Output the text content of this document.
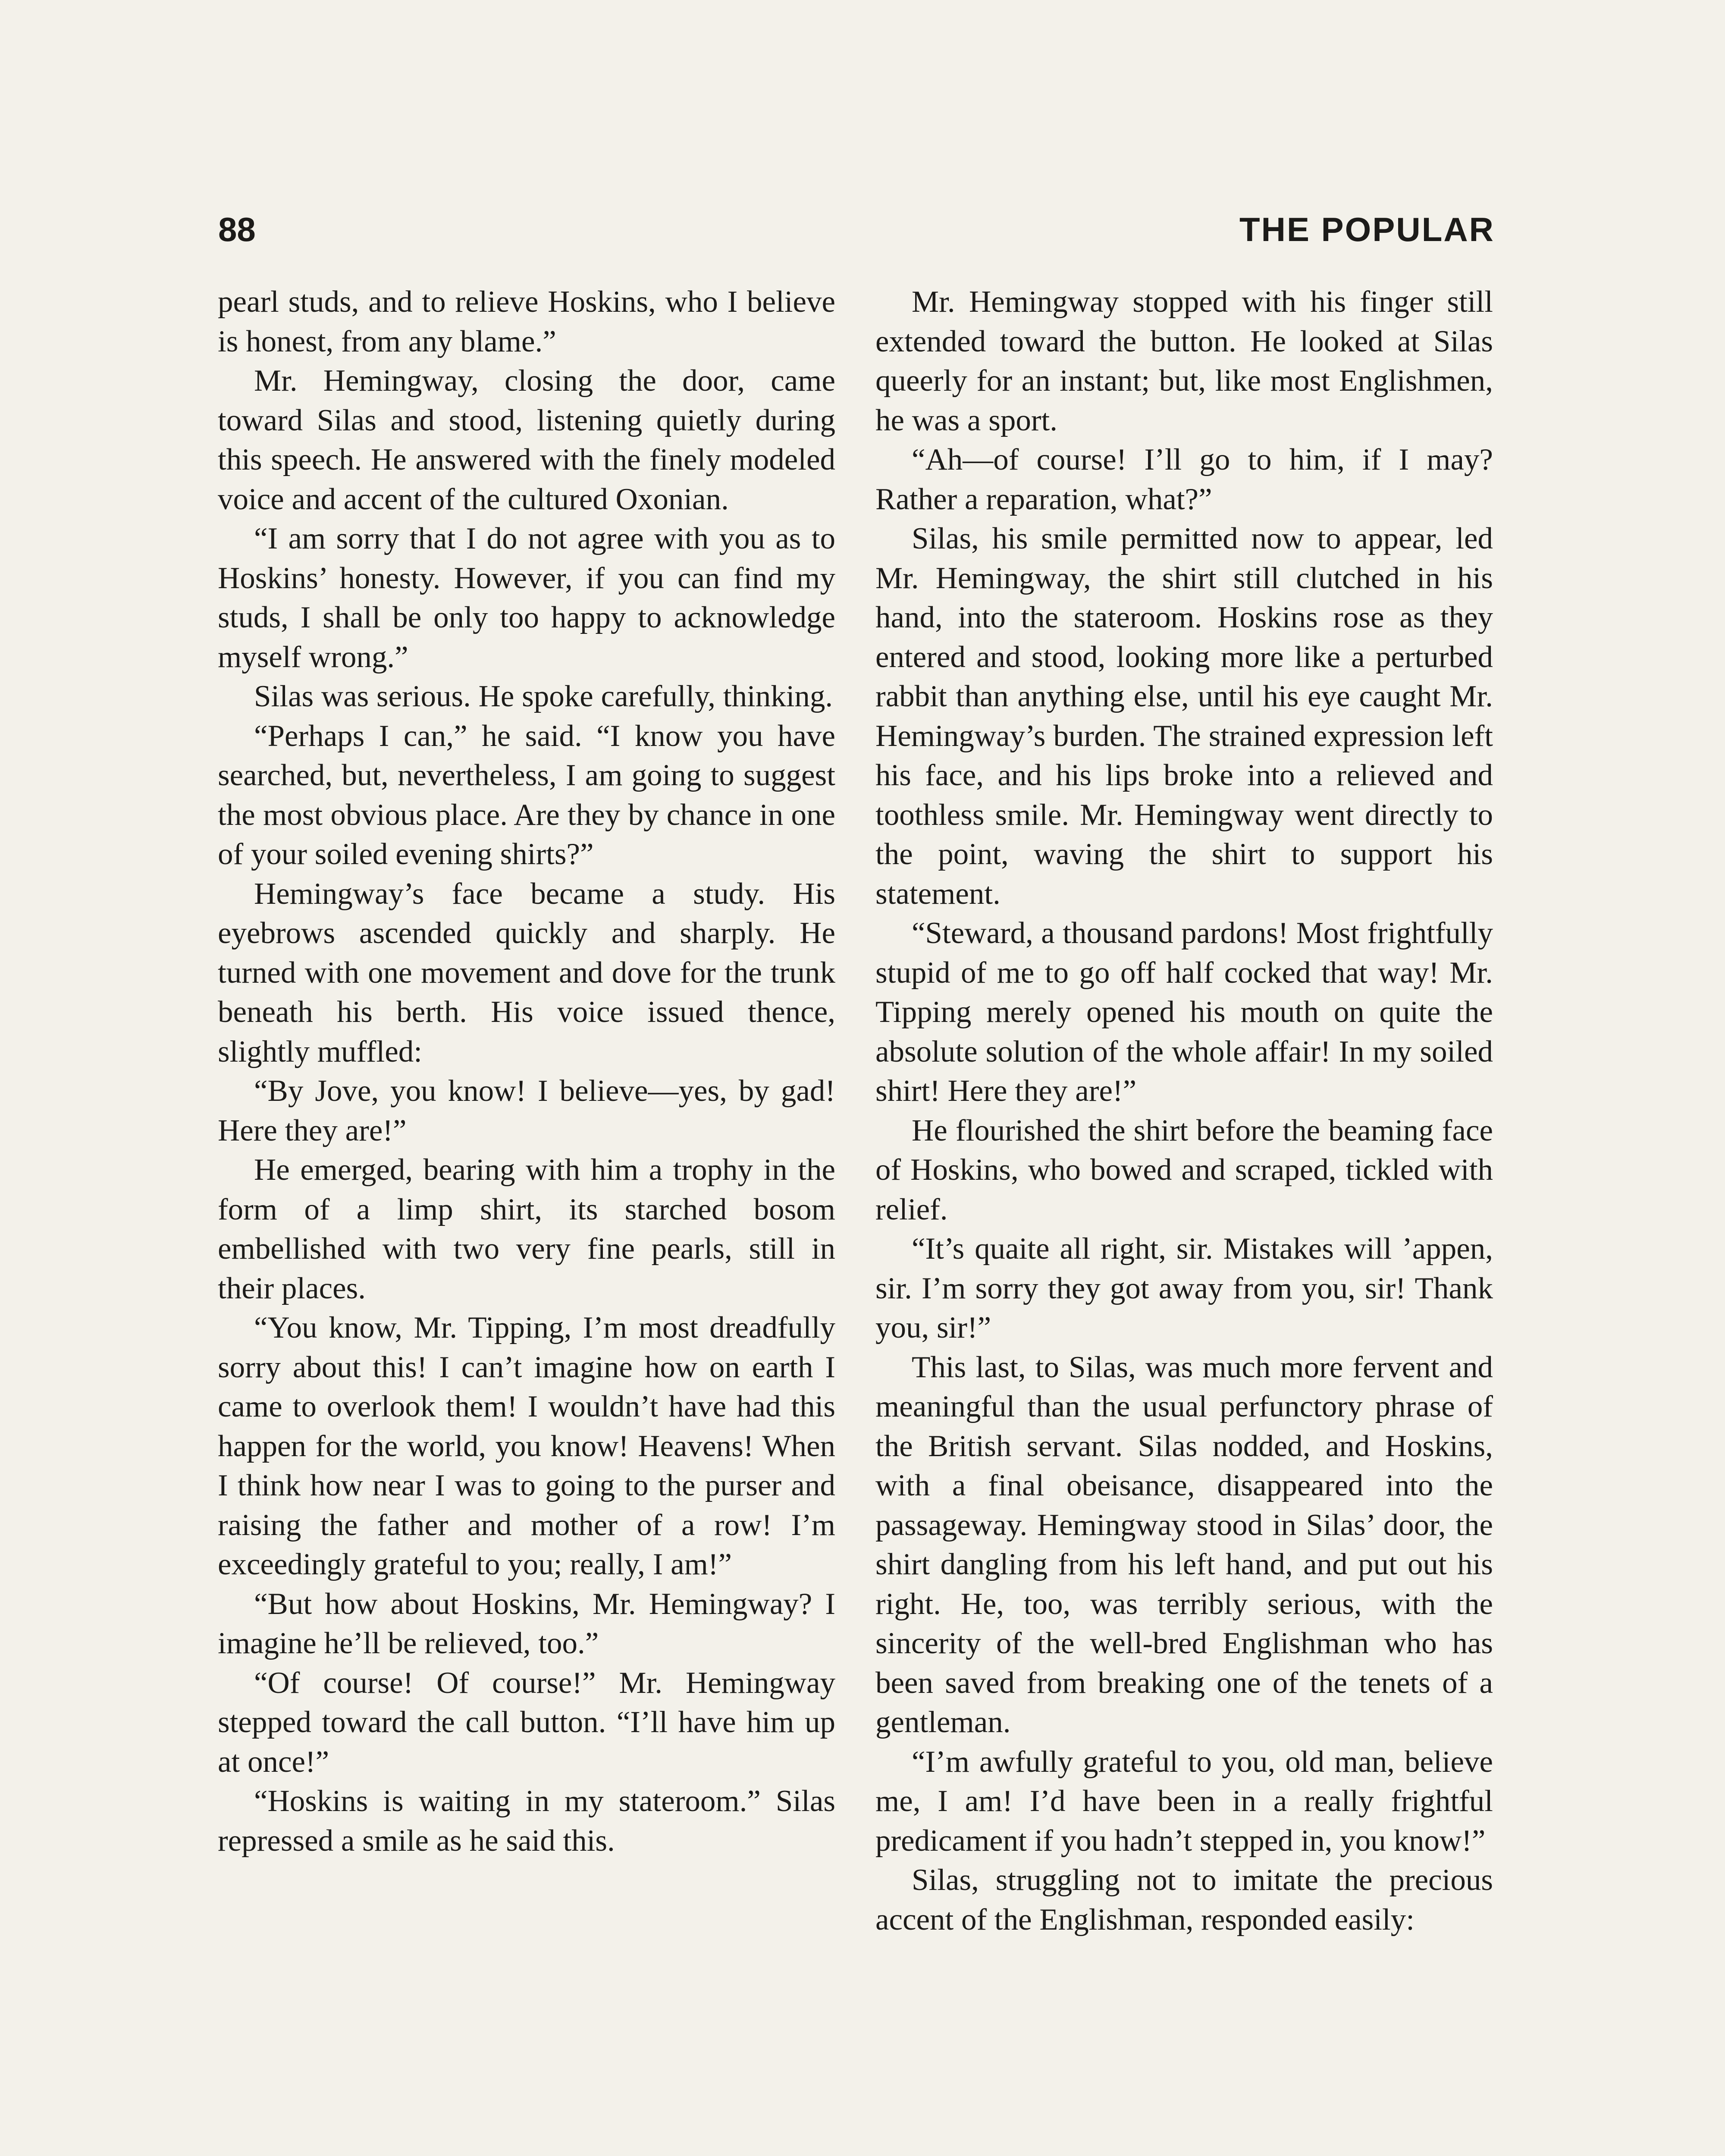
88	THE POPULAR

pearl studs, and to relieve Hoskins, who I believe is honest, from any blame.”

Mr. Hemingway, closing the door, came toward Silas and stood, listening quietly during this speech. He answered with the finely modeled voice and accent of the cultured Oxonian.

“I am sorry that I do not agree with you as to Hoskins’ honesty. However, if you can find my studs, I shall be only too happy to acknowledge myself wrong.”

Silas was serious. He spoke carefully, thinking.

“Perhaps I can,” he said. “I know you have searched, but, nevertheless, I am going to suggest the most obvious place. Are they by chance in one of your soiled evening shirts?”

Hemingway’s face became a study. His eyebrows ascended quickly and sharply. He turned with one movement and dove for the trunk beneath his berth. His voice issued thence, slightly muffled:

“By Jove, you know! I believe—yes, by gad! Here they are!”

He emerged, bearing with him a trophy in the form of a limp shirt, its starched bosom embellished with two very fine pearls, still in their places.

“You know, Mr. Tipping, I’m most dreadfully sorry about this! I can’t imagine how on earth I came to overlook them! I wouldn’t have had this happen for the world, you know! Heavens! When I think how near I was to going to the purser and raising the father and mother of a row! I’m exceedingly grateful to you; really, I am!”

“But how about Hoskins, Mr. Hemingway? I imagine he’ll be relieved, too.”

“Of course! Of course!” Mr. Hemingway stepped toward the call button. “I’ll have him up at once!”

“Hoskins is waiting in my stateroom.” Silas repressed a smile as he said this.

Mr. Hemingway stopped with his finger still extended toward the button. He looked at Silas queerly for an instant; but, like most Englishmen, he was a sport.

“Ah—of course! I’ll go to him, if I may? Rather a reparation, what?”

Silas, his smile permitted now to appear, led Mr. Hemingway, the shirt still clutched in his hand, into the stateroom. Hoskins rose as they entered and stood, looking more like a perturbed rabbit than anything else, until his eye caught Mr. Hemingway’s burden. The strained expression left his face, and his lips broke into a relieved and toothless smile. Mr. Hemingway went directly to the point, waving the shirt to support his statement.

“Steward, a thousand pardons! Most frightfully stupid of me to go off half cocked that way! Mr. Tipping merely opened his mouth on quite the absolute solution of the whole affair! In my soiled shirt! Here they are!”

He flourished the shirt before the beaming face of Hoskins, who bowed and scraped, tickled with relief.

“It’s quaite all right, sir. Mistakes will ’appen, sir. I’m sorry they got away from you, sir! Thank you, sir!”

This last, to Silas, was much more fervent and meaningful than the usual perfunctory phrase of the British servant. Silas nodded, and Hoskins, with a final obeisance, disappeared into the passageway. Hemingway stood in Silas’ door, the shirt dangling from his left hand, and put out his right. He, too, was terribly serious, with the sincerity of the well-bred Englishman who has been saved from breaking one of the tenets of a gentleman.

“I’m awfully grateful to you, old man, believe me, I am! I’d have been in a really frightful predicament if you hadn’t stepped in, you know!”

Silas, struggling not to imitate the precious accent of the Englishman, responded easily:
